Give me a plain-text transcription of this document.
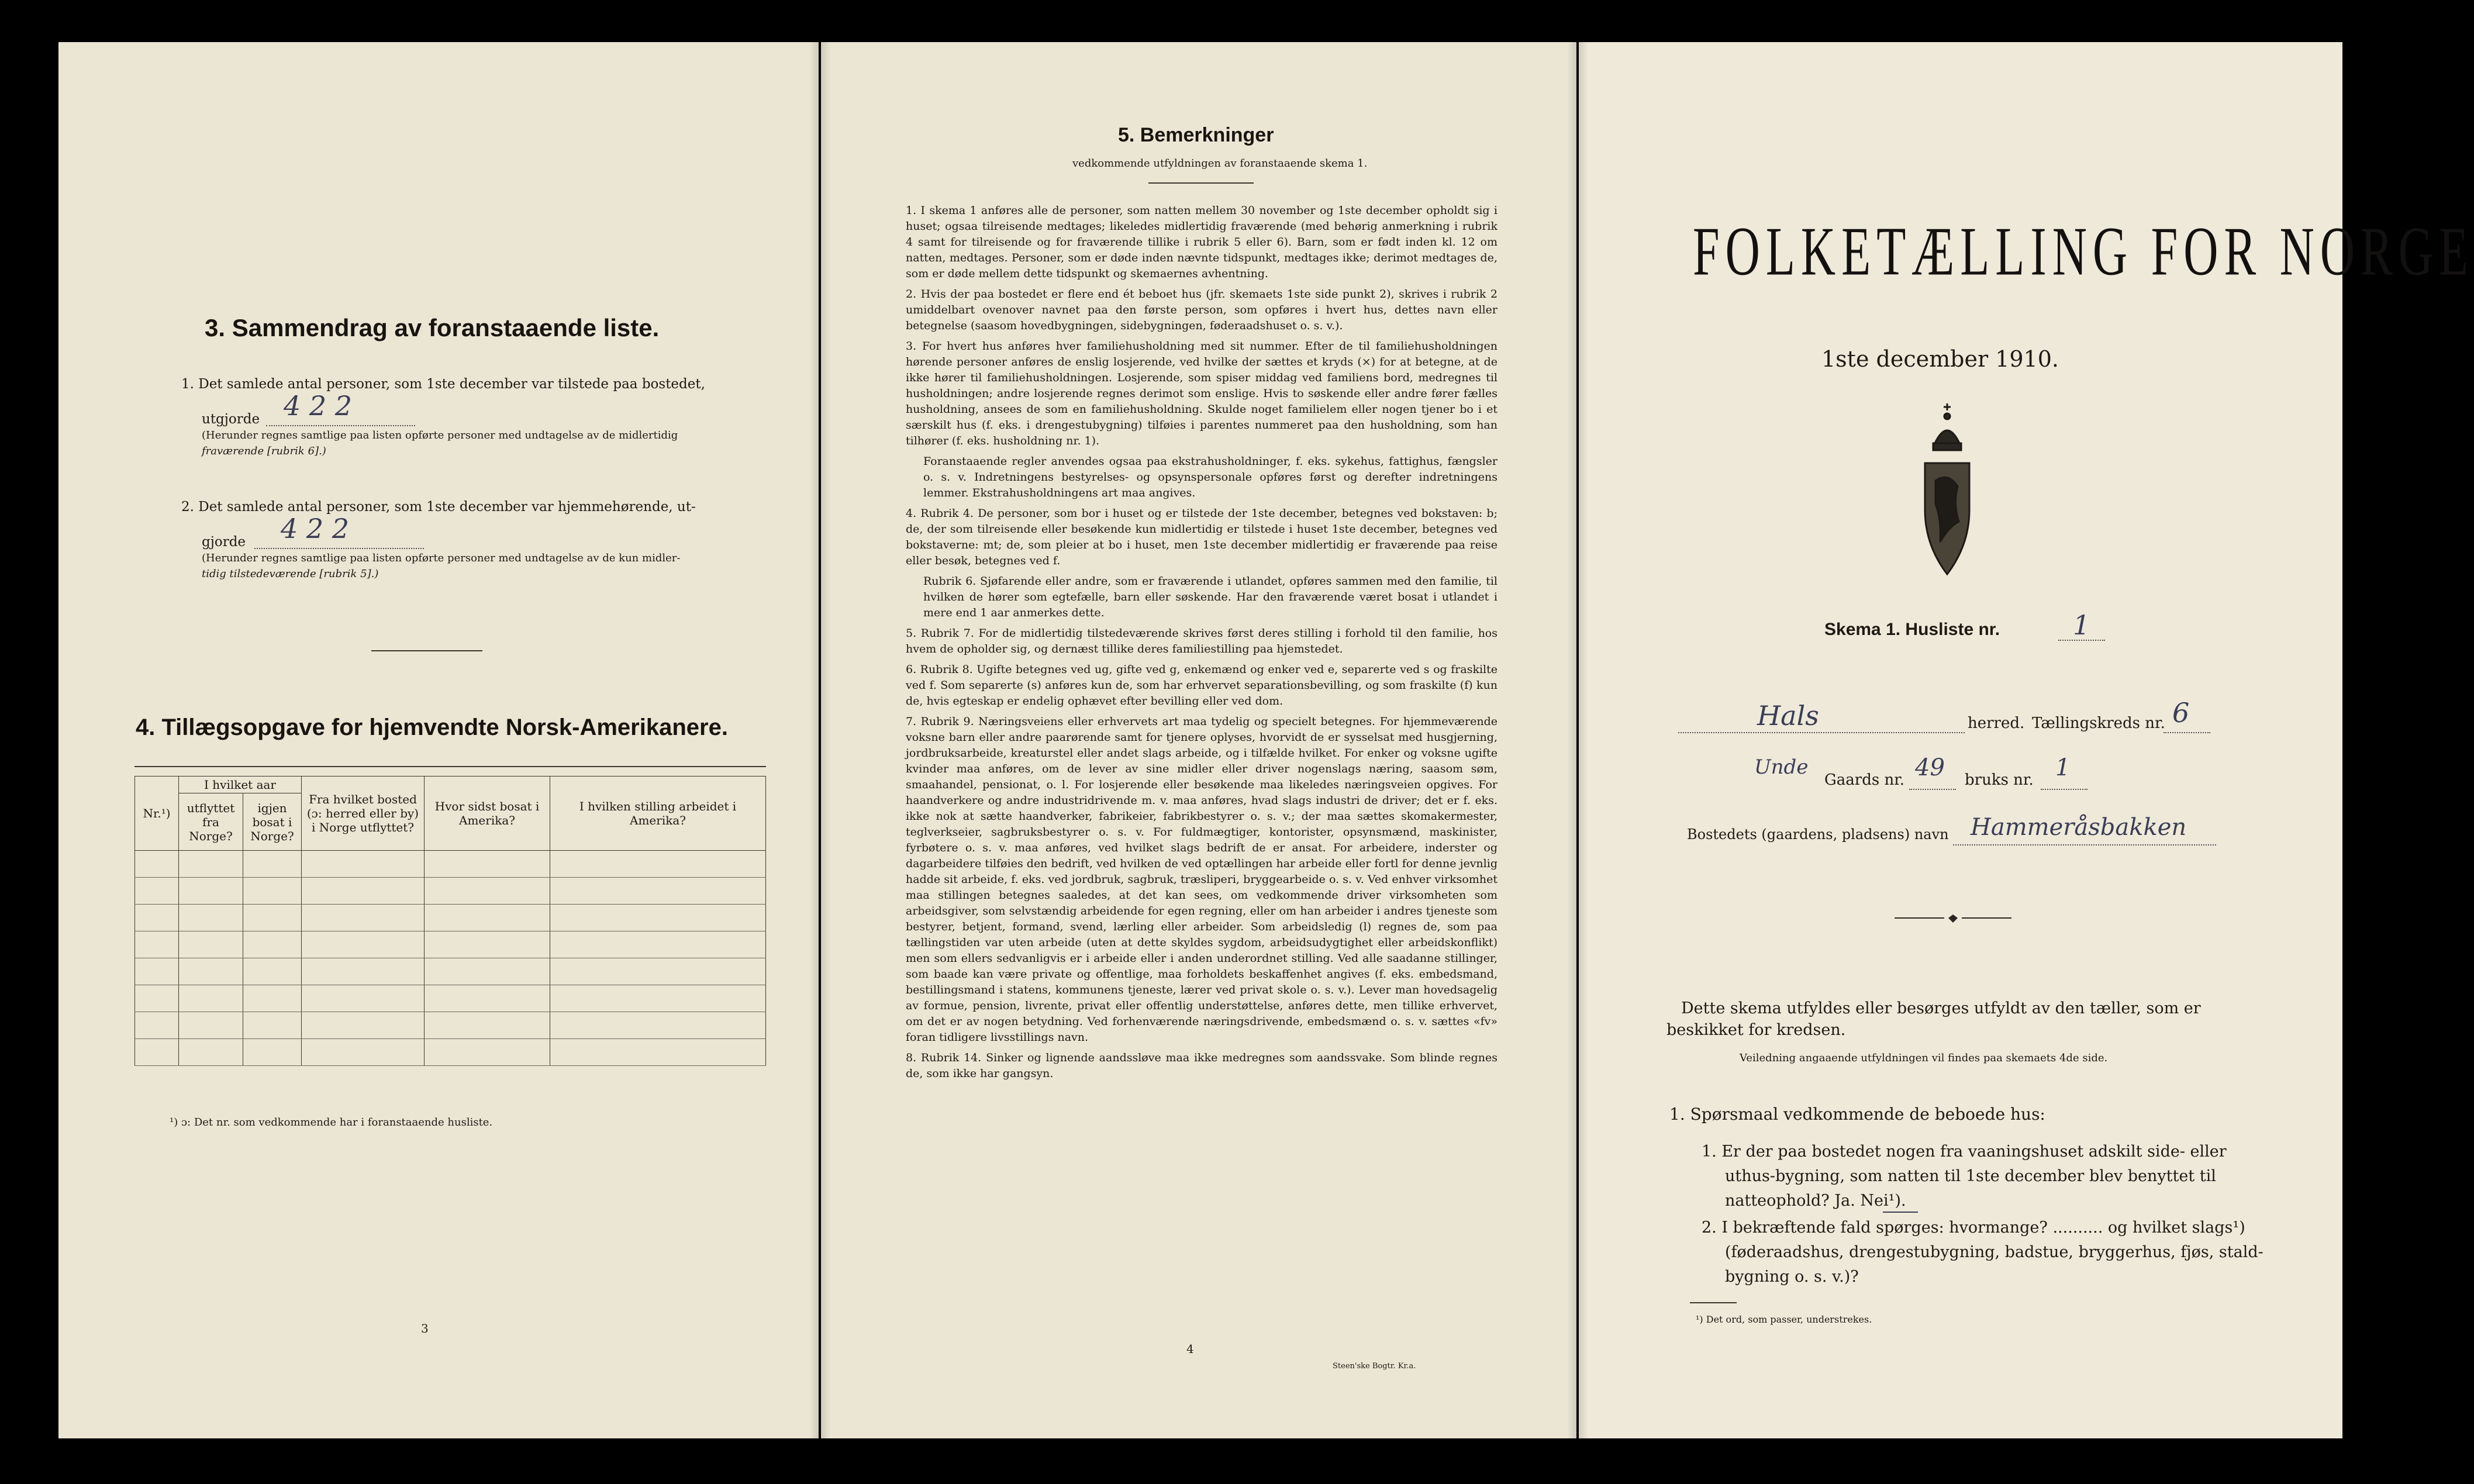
3. Sammendrag av foranstaaende liste.
1. Det samlede antal personer, som 1ste december var tilstede paa bostedet,
utgjorde 4 2 2
(Herunder regnes samtlige paa listen opførte personer med undtagelse av de midlertidig
fraværende [rubrik 6].)
2. Det samlede antal personer, som 1ste december var hjemmehørende, ut-
gjorde 4 2 2
(Herunder regnes samtlige paa listen opførte personer med undtagelse av de kun midler-
tidig tilstedeværende [rubrik 5].)
4. Tillægsopgave for hjemvendte Norsk-Amerikanere.
Nr.¹)	I hvilket aar		Fra hvilket bosted (ɔ: herred eller by) i Norge utflyttet?	Hvor sidst bosat i Amerika?	I hvilken stilling arbeidet i Amerika?
	utflyttet fra Norge?	igjen bosat i Norge?			

¹) ɔ: Det nr. som vedkommende har i foranstaaende husliste.
3
5. Bemerkninger
vedkommende utfyldningen av foranstaaende skema 1.

1. I skema 1 anføres alle de personer, som natten mellem 30 november og 1ste december opholdt sig i huset; ogsaa tilreisende medtages; likeledes midlertidig fraværende (med behørig anmerkning i rubrik 4 samt for tilreisende og for fraværende tillike i rubrik 5 eller 6). Barn, som er født inden kl. 12 om natten, medtages. Personer, som er døde inden nævnte tidspunkt, medtages ikke; derimot medtages de, som er døde mellem dette tidspunkt og skemaernes avhentning.

2. Hvis der paa bostedet er flere end ét beboet hus (jfr. skemaets 1ste side punkt 2), skrives i rubrik 2 umiddelbart ovenover navnet paa den første person, som opføres i hvert hus, dettes navn eller betegnelse (saasom hovedbygningen, sidebygningen, føderaadshuset o. s. v.).

3. For hvert hus anføres hver familiehusholdning med sit nummer. Efter de til familiehusholdningen hørende personer anføres de enslig losjerende, ved hvilke der sættes et kryds (×) for at betegne, at de ikke hører til familiehusholdningen. Losjerende, som spiser middag ved familiens bord, medregnes til husholdningen; andre losjerende regnes derimot som enslige. Hvis to søskende eller andre fører fælles husholdning, ansees de som en familiehusholdning. Skulde noget familielem eller nogen tjener bo i et særskilt hus (f. eks. i drengestubygning) tilføies i parentes nummeret paa den husholdning, som han tilhører (f. eks. husholdning nr. 1).

Foranstaaende regler anvendes ogsaa paa ekstrahusholdninger, f. eks. sykehus, fattighus, fængsler o. s. v. Indretningens bestyrelses- og opsynspersonale opføres først og derefter indretningens lemmer. Ekstrahusholdningens art maa angives.

4. Rubrik 4. De personer, som bor i huset og er tilstede der 1ste december, betegnes ved bokstaven: b; de, der som tilreisende eller besøkende kun midlertidig er tilstede i huset 1ste december, betegnes ved bokstaverne: mt; de, som pleier at bo i huset, men 1ste december midlertidig er fraværende paa reise eller besøk, betegnes ved f.

Rubrik 6. Sjøfarende eller andre, som er fraværende i utlandet, opføres sammen med den familie, til hvilken de hører som egtefælle, barn eller søskende. Har den fraværende været bosat i utlandet i mere end 1 aar anmerkes dette.

5. Rubrik 7. For de midlertidig tilstedeværende skrives først deres stilling i forhold til den familie, hos hvem de opholder sig, og dernæst tillike deres familiestilling paa hjemstedet.

6. Rubrik 8. Ugifte betegnes ved ug, gifte ved g, enkemænd og enker ved e, separerte ved s og fraskilte ved f. Som separerte (s) anføres kun de, som har erhvervet separationsbevilling, og som fraskilte (f) kun de, hvis egteskap er endelig ophævet efter bevilling eller ved dom.

7. Rubrik 9. Næringsveiens eller erhvervets art maa tydelig og specielt betegnes. For hjemmeværende voksne barn eller andre paarørende samt for tjenere oplyses, hvorvidt de er sysselsat med husgjerning, jordbruksarbeide, kreaturstel eller andet slags arbeide, og i tilfælde hvilket. For enker og voksne ugifte kvinder maa anføres, om de lever av sine midler eller driver nogenslags næring, saasom søm, smaahandel, pensionat, o. l. For losjerende eller besøkende maa likeledes næringsveien opgives. For haandverkere og andre industridrivende m. v. maa anføres, hvad slags industri de driver; det er f. eks. ikke nok at sætte haandverker, fabrikeier, fabrikbestyrer o. s. v.; der maa sættes skomakermester, teglverkseier, sagbruksbestyrer o. s. v. For fuldmægtiger, kontorister, opsynsmænd, maskinister, fyrbøtere o. s. v. maa anføres, ved hvilket slags bedrift de er ansat. For arbeidere, inderster og dagarbeidere tilføies den bedrift, ved hvilken de ved optællingen har arbeide eller fortl for denne jevnlig hadde sit arbeide, f. eks. ved jordbruk, sagbruk, træsliperi, bryggearbeide o. s. v. Ved enhver virksomhet maa stillingen betegnes saaledes, at det kan sees, om vedkommende driver virksomheten som arbeidsgiver, som selvstændig arbeidende for egen regning, eller om han arbeider i andres tjeneste som bestyrer, betjent, formand, svend, lærling eller arbeider. Som arbeidsledig (l) regnes de, som paa tællingstiden var uten arbeide (uten at dette skyldes sygdom, arbeidsudygtighet eller arbeidskonflikt) men som ellers sedvanligvis er i arbeide eller i anden underordnet stilling. Ved alle saadanne stillinger, som baade kan være private og offentlige, maa forholdets beskaffenhet angives (f. eks. embedsmand, bestillingsmand i statens, kommunens tjeneste, lærer ved privat skole o. s. v.). Lever man hovedsagelig av formue, pension, livrente, privat eller offentlig understøttelse, anføres dette, men tillike erhvervet, om det er av nogen betydning. Ved forhenværende næringsdrivende, embedsmænd o. s. v. sættes «fv» foran tidligere livsstillings navn.

8. Rubrik 14. Sinker og lignende aandssløve maa ikke medregnes som aandssvake. Som blinde regnes de, som ikke har gangsyn.

4
Steen'ske Bogtr. Kr.a.
FOLKETÆLLING FOR NORGE
1ste december 1910.
Skema 1. Husliste nr.	1
Hals	herred. Tællingskreds nr. 6
Unde
Gaards nr. 49 bruks nr. 1
Bostedets (gaardens, pladsens) navn Hammeråsbakken
Dette skema utfyldes eller besørges utfyldt av den tæller, som er
beskikket for kredsen.
Veiledning angaaende utfyldningen vil findes paa skemaets 4de side.
1. Spørsmaal vedkommende de beboede hus:
1. Er der paa bostedet nogen fra vaaningshuset adskilt side- eller
uthus-bygning, som natten til 1ste december blev benyttet til
natteophold? Ja. Nei¹).
2. I bekræftende fald spørges: hvormange? .......... og hvilket slags¹)
(føderaadshus, drengestubygning, badstue, bryggerhus, fjøs, stald-
bygning o. s. v.)?
¹) Det ord, som passer, understrekes.
